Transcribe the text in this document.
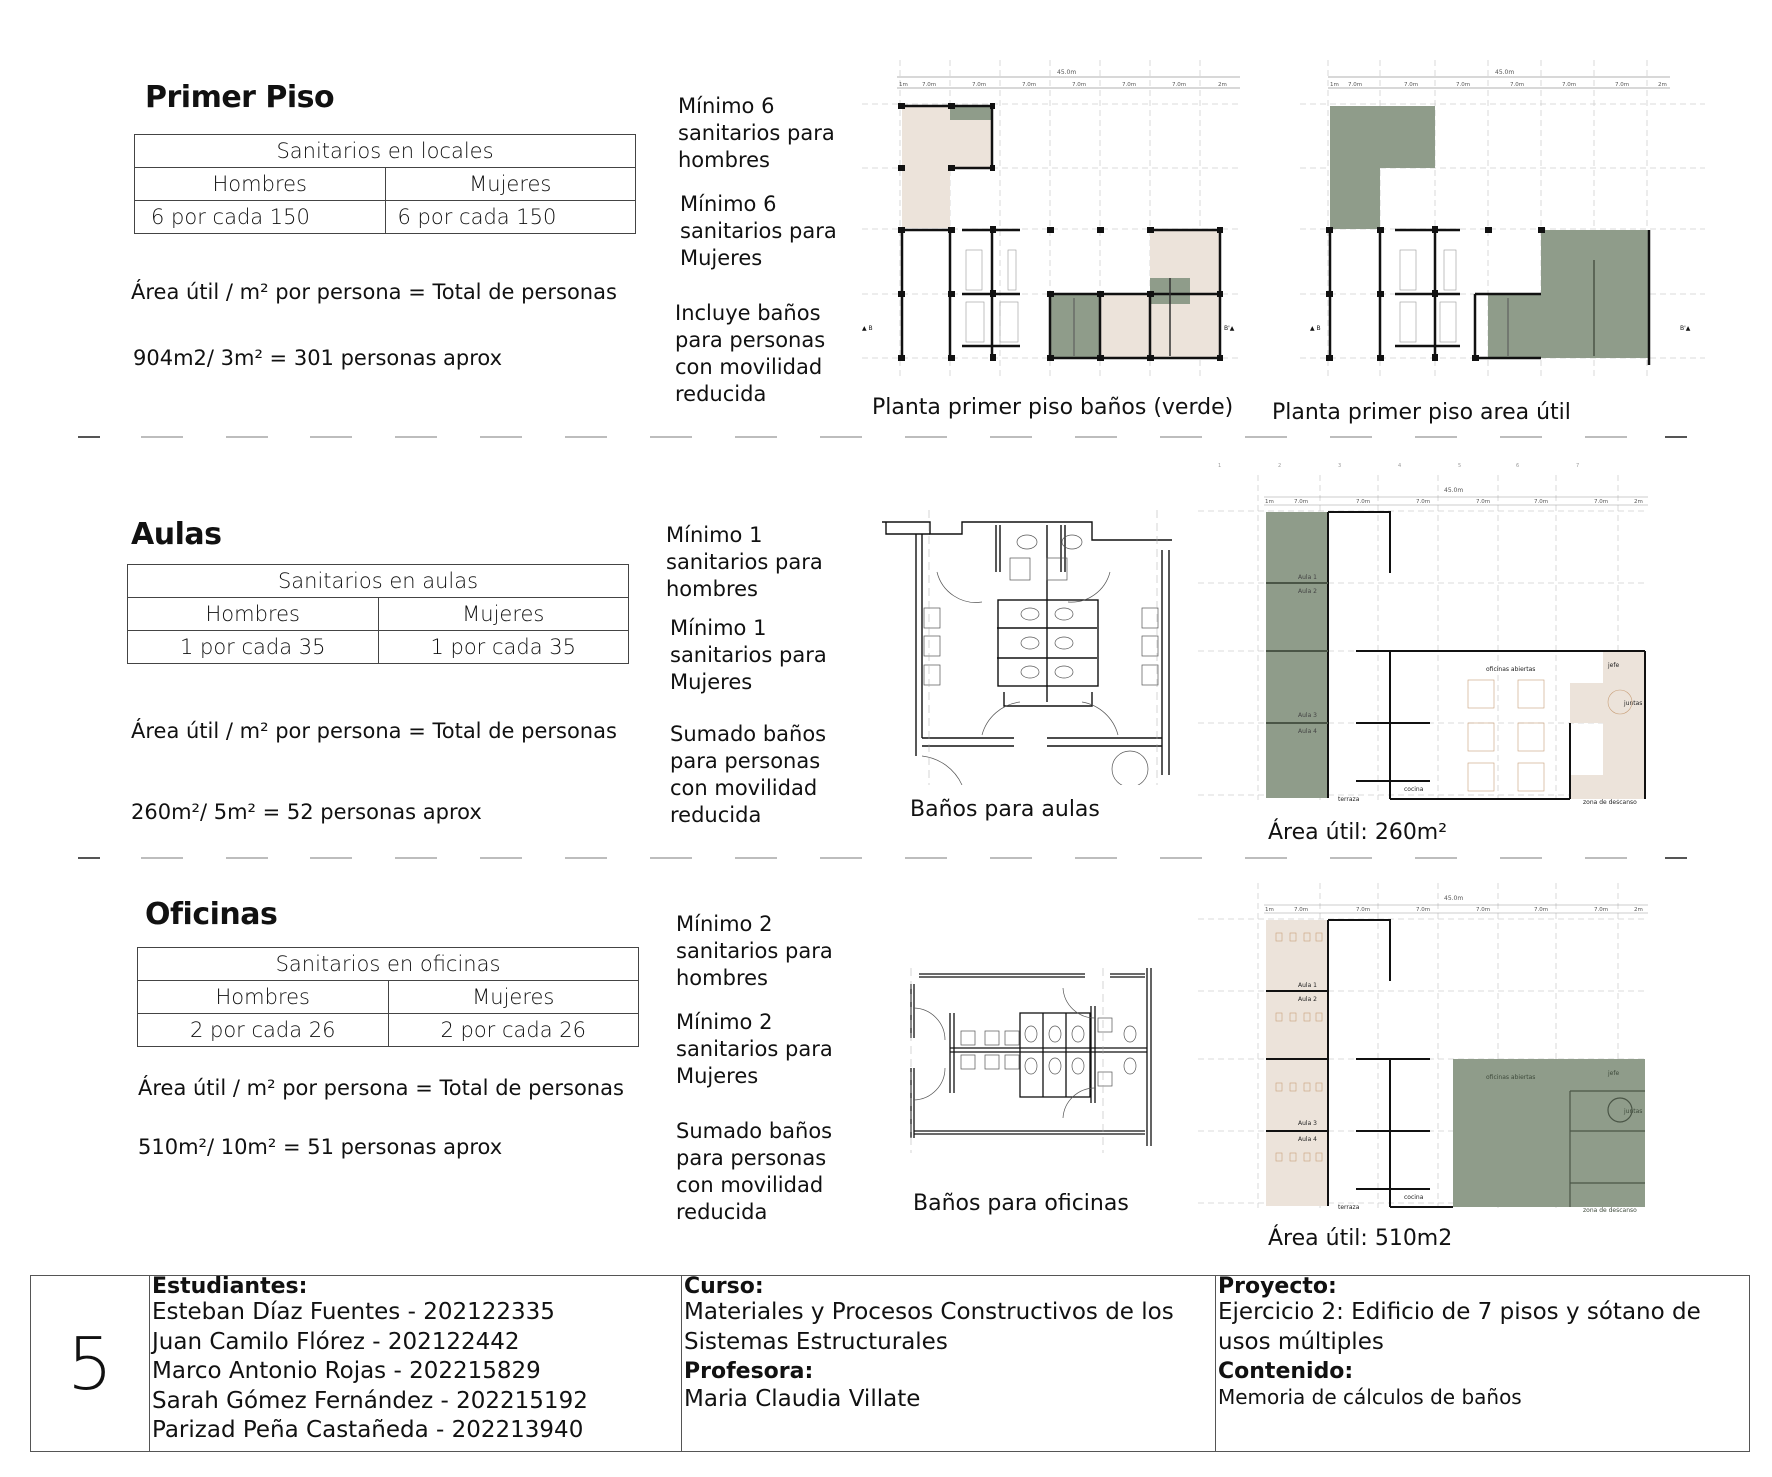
Primer Piso
Sanitarios en locales	
Hombres	Mujeres
6 por cada 150	6 por cada 150
Área útil / m² por persona = Total de personas
904m2/ 3m² = 301 personas aprox
Mínimo 6 sanitarios para hombres
Mínimo 6 sanitarios para Mujeres
Incluye baños para personas con movilidad reducida
45.0m
1m	7.0m	7.0m	7.0m	7.0m	7.0m	7.0m	2m
▲ B	B'▲
Planta primer piso baños (verde)
45.0m
1m 7.0m	7.0m	7.0m	7.0m	7.0m	7.0m	2m
▲ B	B'▲
Planta primer piso area útil
Aulas
Sanitarios en aulas	
Hombres	Mujeres
1 por cada 35	1 por cada 35
Área útil / m² por persona = Total de personas
260m²/ 5m² = 52 personas aprox
Mínimo 1 sanitarios para hombres
Mínimo 1 sanitarios para Mujeres
Sumado baños para personas con movilidad reducida	Baños para aulas
1	2	3	4	5	6	7
45.0m
1m	7.0m	7.0m	7.0m	7.0m	7.0m	7.0m	2m
Aula 1
Aula 2
Aula 3
Aula 4
oficinas abiertas
jefe
juntas
cocina
terraza	zona de descanso
Área útil: 260m²
Oficinas
Sanitarios en oficinas	
Hombres	Mujeres
2 por cada 26	2 por cada 26
Área útil / m² por persona = Total de personas
510m²/ 10m² = 51 personas aprox
Mínimo 2 sanitarios para hombres
Mínimo 2 sanitarios para Mujeres
Sumado baños para personas con movilidad reducida	Baños para oficinas
45.0m
1m	7.0m	7.0m	7.0m	7.0m	7.0m	7.0m	2m
Aula 1
Aula 2
Aula 3
Aula 4
oficinas abiertas
jefe
juntas
cocina
terraza	zona de descanso
Área útil: 510m2
5
Estudiantes:
Esteban Díaz Fuentes - 202122335
Juan Camilo Flórez - 202122442
Marco Antonio Rojas - 202215829
Sarah Gómez Fernández - 202215192
Parizad Peña Castañeda - 202213940
Curso:
Materiales y Procesos Constructivos de los Sistemas Estructurales
Profesora:
Maria Claudia Villate
Proyecto:
Ejercicio 2: Edificio de 7 pisos y sótano de usos múltiples
Contenido:
Memoria de cálculos de baños
